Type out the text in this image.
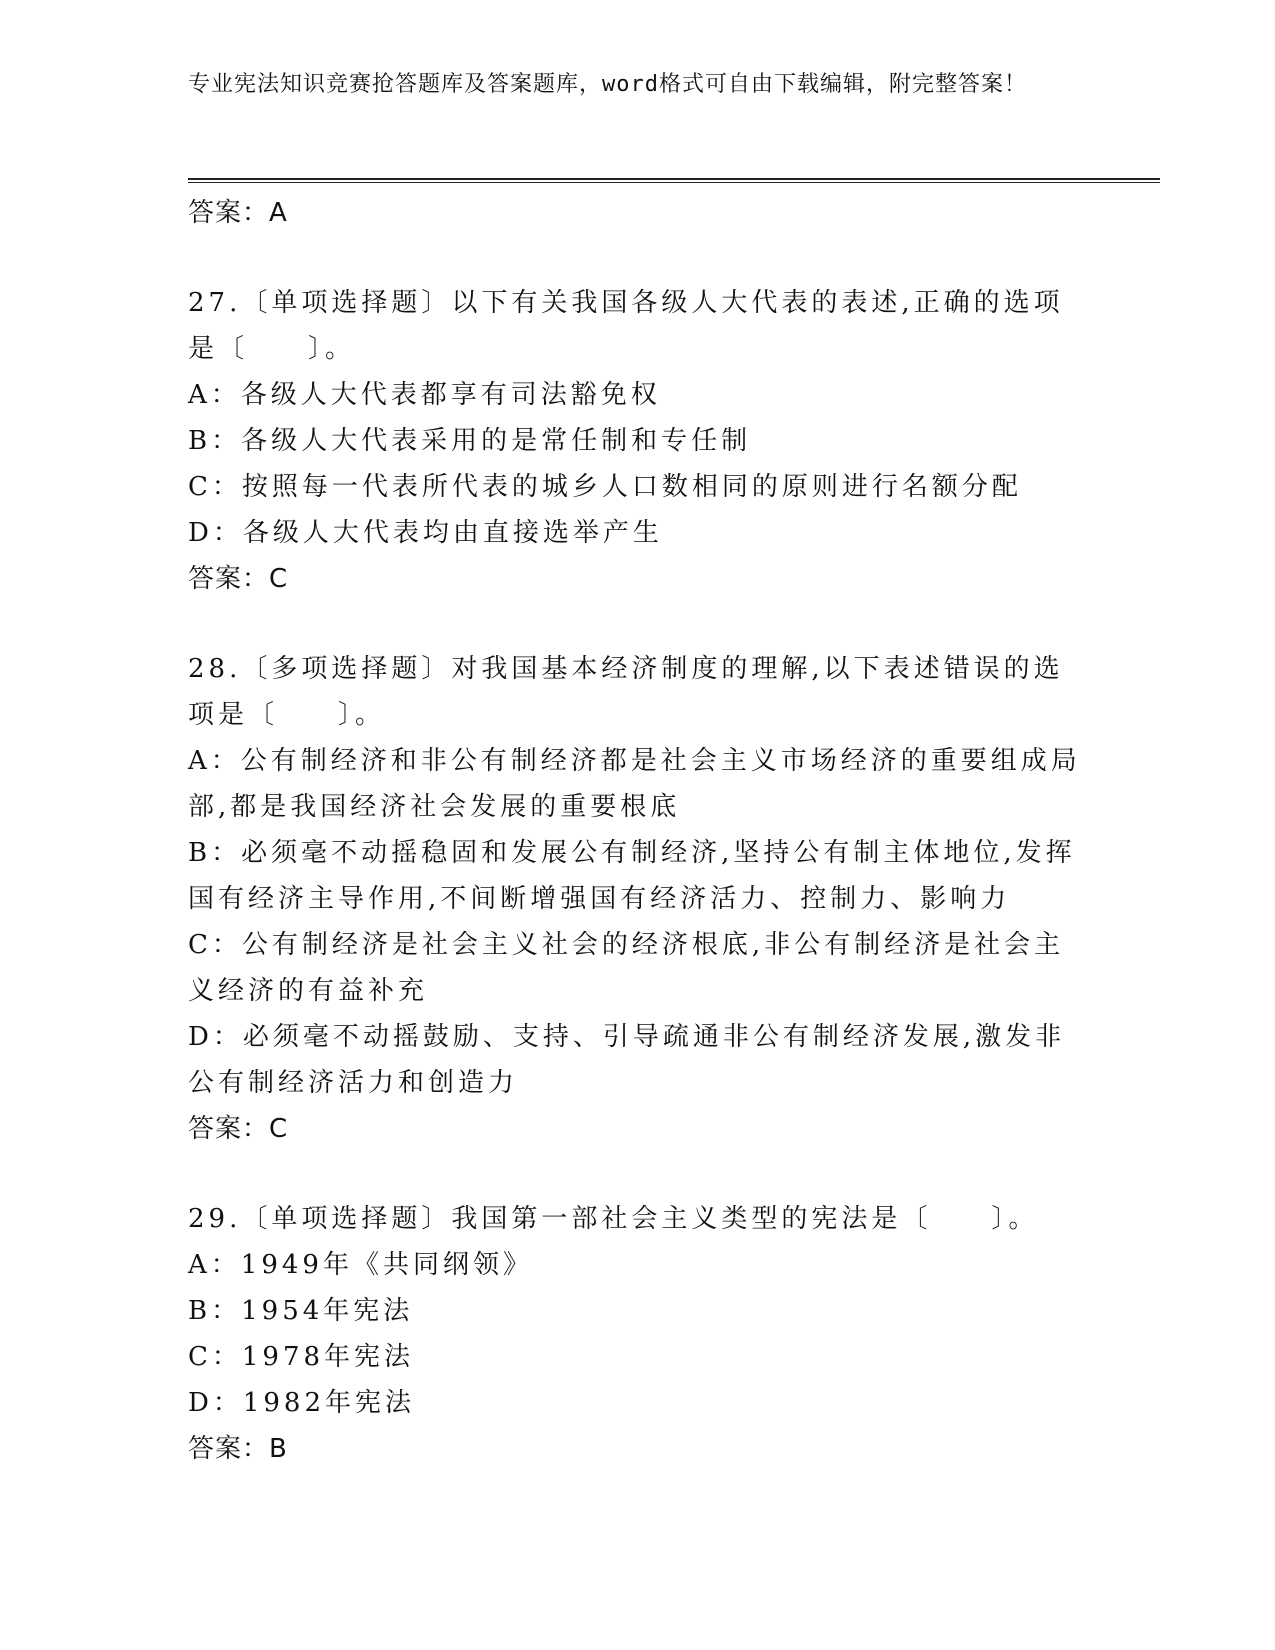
专业宪法知识竞赛抢答题库及答案题库，word格式可自由下载编辑，附完整答案！
答案：A
27.〔单项选择题〕以下有关我国各级人大代表的表述,正确的选项是〔　　〕。
A：各级人大代表都享有司法豁免权
B：各级人大代表采用的是常任制和专任制
C：按照每一代表所代表的城乡人口数相同的原则进行名额分配
D：各级人大代表均由直接选举产生
答案：C
28.〔多项选择题〕对我国基本经济制度的理解,以下表述错误的选项是〔　　〕。
A：公有制经济和非公有制经济都是社会主义市场经济的重要组成局部,都是我国经济社会发展的重要根底
B：必须毫不动摇稳固和发展公有制经济,坚持公有制主体地位,发挥国有经济主导作用,不间断增强国有经济活力、控制力、影响力
C：公有制经济是社会主义社会的经济根底,非公有制经济是社会主义经济的有益补充
D：必须毫不动摇鼓励、支持、引导疏通非公有制经济发展,激发非公有制经济活力和创造力
答案：C
29.〔单项选择题〕我国第一部社会主义类型的宪法是〔　　〕。
A：1949年《共同纲领》
B：1954年宪法
C：1978年宪法
D：1982年宪法
答案：B
